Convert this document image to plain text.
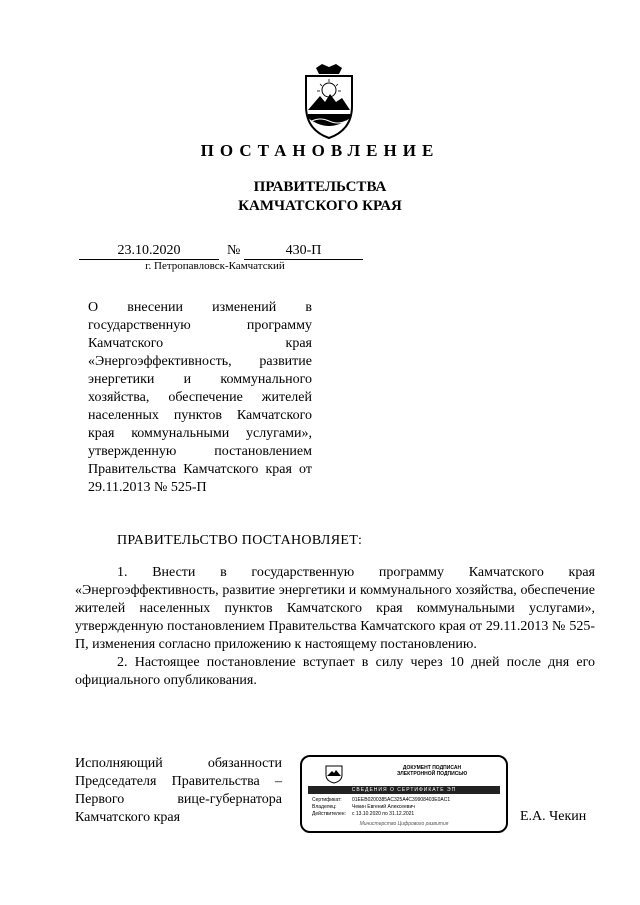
ПОСТАНОВЛЕНИЕ
ПРАВИТЕЛЬСТВА
КАМЧАТСКОГО КРАЯ
23.10.2020	№	430-П
г. Петропавловск-Камчатский
О внесении изменений в государственную программу Камчатского края «Энергоэффективность, развитие энергетики и коммунального хозяйства, обеспечение жителей населенных пунктов Камчатского края коммунальными услугами», утвержденную постановлением Правительства Камчатского края от 29.11.2013 № 525-П
ПРАВИТЕЛЬСТВО ПОСТАНОВЛЯЕТ:

1. Внести в государственную программу Камчатского края «Энергоэффективность, развитие энергетики и коммунального хозяйства, обеспечение жителей населенных пунктов Камчатского края коммунальными услугами», утвержденную постановлением Правительства Камчатского края от 29.11.2013 № 525-П, изменения согласно приложению к настоящему постановлению.

2. Настоящее постановление вступает в силу через 10 дней после дня его официального опубликования.

Исполняющий обязанности
Председателя Правительства –
Первого вице-губернатора
Камчатского края
ДОКУМЕНТ ПОДПИСАН
ЭЛЕКТРОННОЙ ПОДПИСЬЮ
СВЕДЕНИЯ О СЕРТИФИКАТЕ ЭП
Сертификат: 01EEB0200385AC325A4C39908403E0AC1
Владелец:	Чекин Евгений Алексеевич
Действителен: с 13.10.2020 по 31.12.2021
Министерство Цифрового развития	Е.А. Чекин
